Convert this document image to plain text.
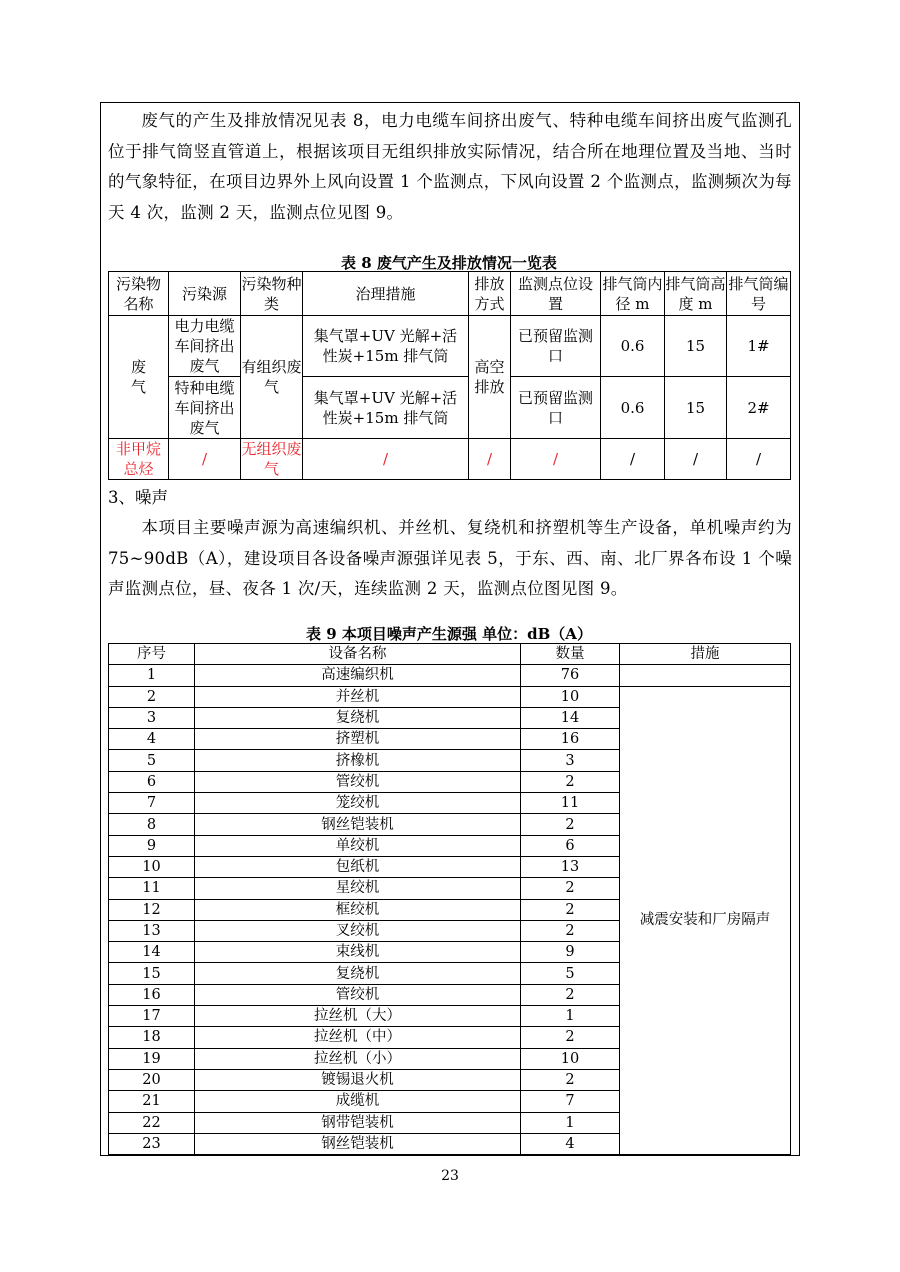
废气的产生及排放情况见表 8，电力电缆车间挤出废气、特种电缆车间挤出废气监测孔位于排气筒竖直管道上，根据该项目无组织排放实际情况，结合所在地理位置及当地、当时的气象特征，在项目边界外上风向设置 1 个监测点，下风向设置 2 个监测点，监测频次为每天 4 次，监测 2 天，监测点位见图 9。
表 8 废气产生及排放情况一览表
污染物名称	污染源	污染物种类	治理措施	排放方式	监测点位设置	排气筒内径 m	排气筒高度 m	排气筒编号
废气	电力电缆车间挤出废气	有组织废气	集气罩+UV 光解+活性炭+15m 排气筒	高空排放	已预留监测口	0.6	15	1#
	特种电缆车间挤出废气		集气罩+UV 光解+活性炭+15m 排气筒		已预留监测口	0.6	15	2#
非甲烷总烃	/	无组织废气	/	/	/	/	/	/
3、噪声
本项目主要噪声源为高速编织机、并丝机、复绕机和挤塑机等生产设备，单机噪声约为 75~90dB（A），建设项目各设备噪声源强详见表 5，于东、西、南、北厂界各布设 1 个噪声监测点位，昼、夜各 1 次/天，连续监测 2 天，监测点位图见图 9。
表 9 本项目噪声产生源强 单位：dB（A）
序号	设备名称	数量	措施
1	高速编织机	76	
2	并丝机	10	减震安装和厂房隔声
3	复绕机	14	
4	挤塑机	16	
5	挤橡机	3	
6	管绞机	2	
7	笼绞机	11	
8	钢丝铠装机	2	
9	单绞机	6	
10	包纸机	13	
11	星绞机	2	
12	框绞机	2	
13	叉绞机	2	
14	束线机	9	
15	复绕机	5	
16	管绞机	2	
17	拉丝机（大）	1	
18	拉丝机（中）	2	
19	拉丝机（小）	10	
20	镀锡退火机	2	
21	成缆机	7	
22	钢带铠装机	1	
23	钢丝铠装机	4	
23
